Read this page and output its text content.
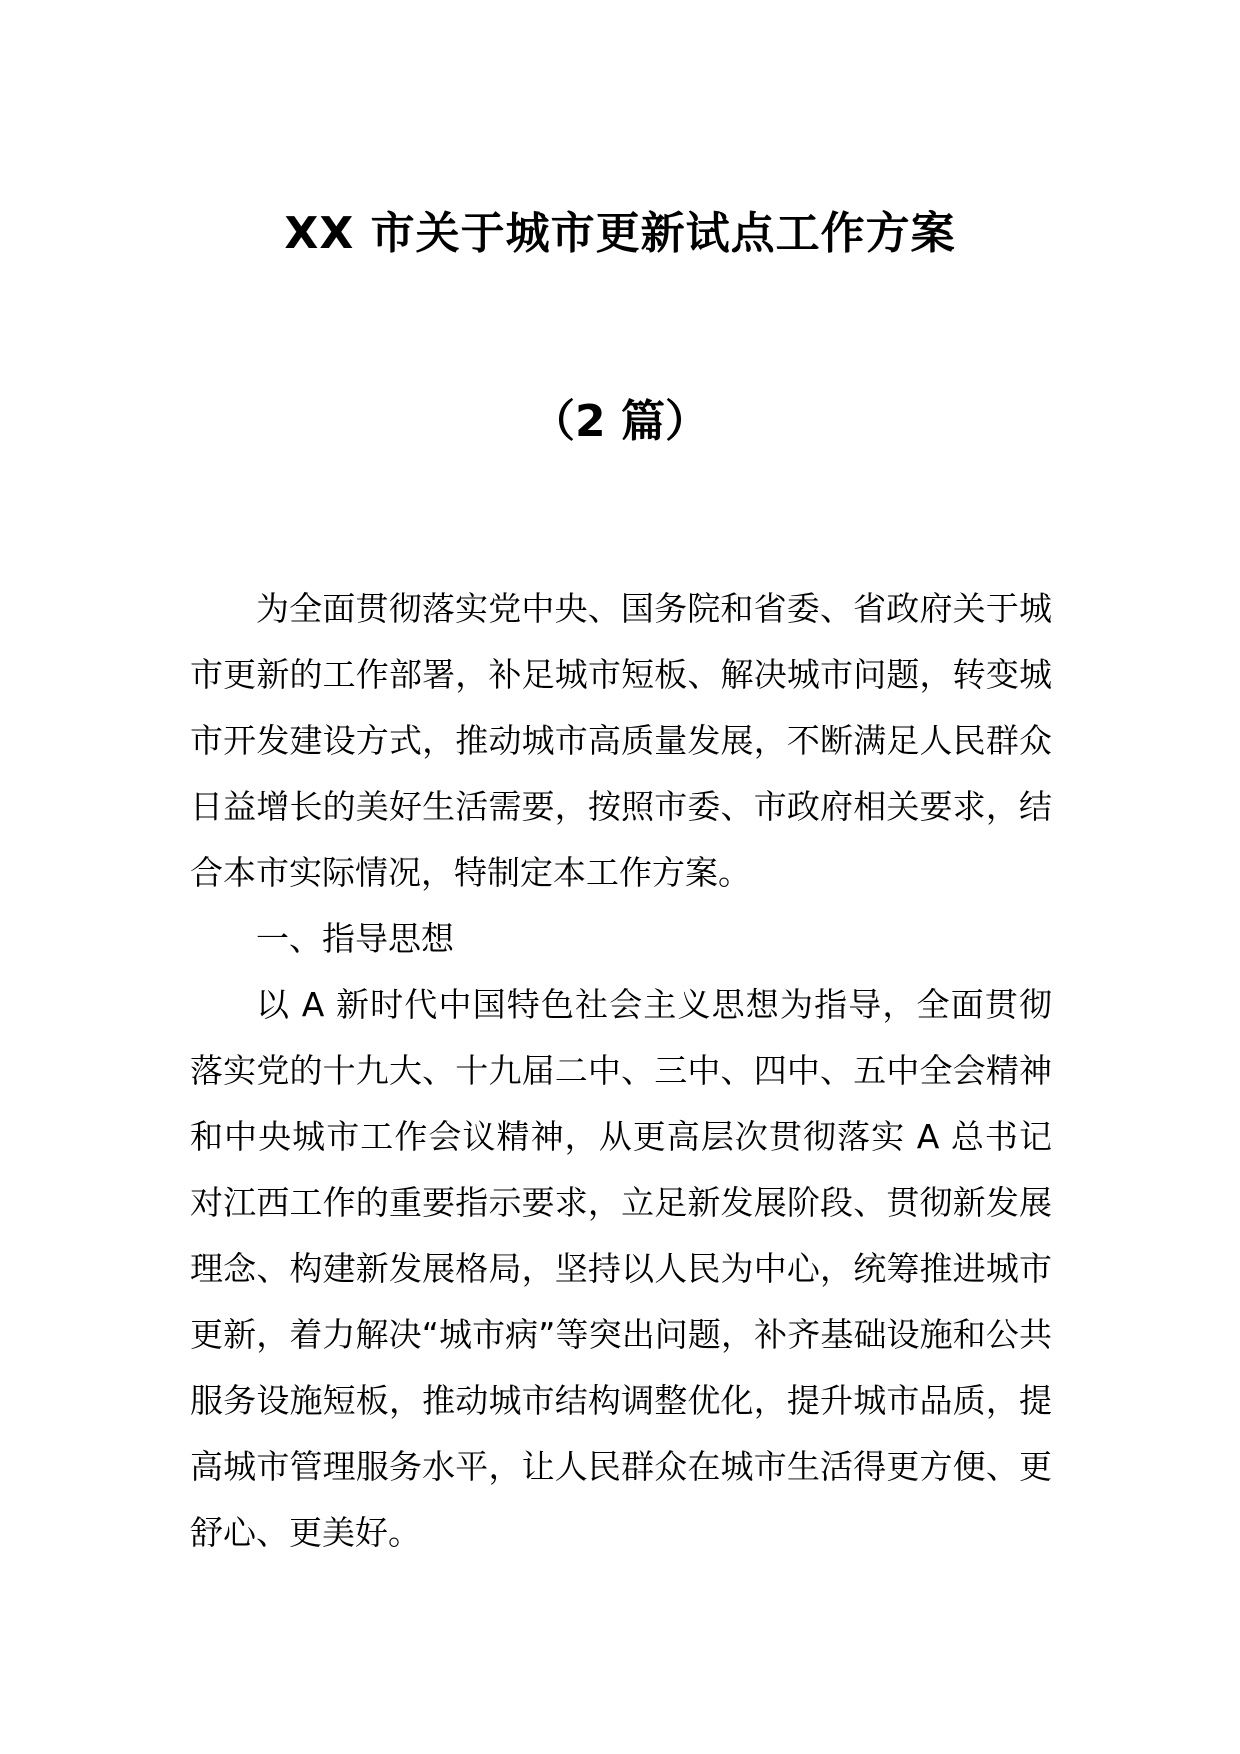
XX 市关于城市更新试点工作方案
（2 篇）

为全面贯彻落实党中央、国务院和省委、省政府关于城市更新的工作部署，补足城市短板、解决城市问题，转变城市开发建设方式，推动城市高质量发展，不断满足人民群众日益增长的美好生活需要，按照市委、市政府相关要求，结合本市实际情况，特制定本工作方案。

一、指导思想

以 A 新时代中国特色社会主义思想为指导，全面贯彻落实党的十九大、十九届二中、三中、四中、五中全会精神和中央城市工作会议精神，从更高层次贯彻落实 A 总书记对江西工作的重要指示要求，立足新发展阶段、贯彻新发展理念、构建新发展格局，坚持以人民为中心，统筹推进城市更新，着力解决“城市病”等突出问题，补齐基础设施和公共服务设施短板，推动城市结构调整优化，提升城市品质，提高城市管理服务水平，让人民群众在城市生活得更方便、更舒心、更美好。
